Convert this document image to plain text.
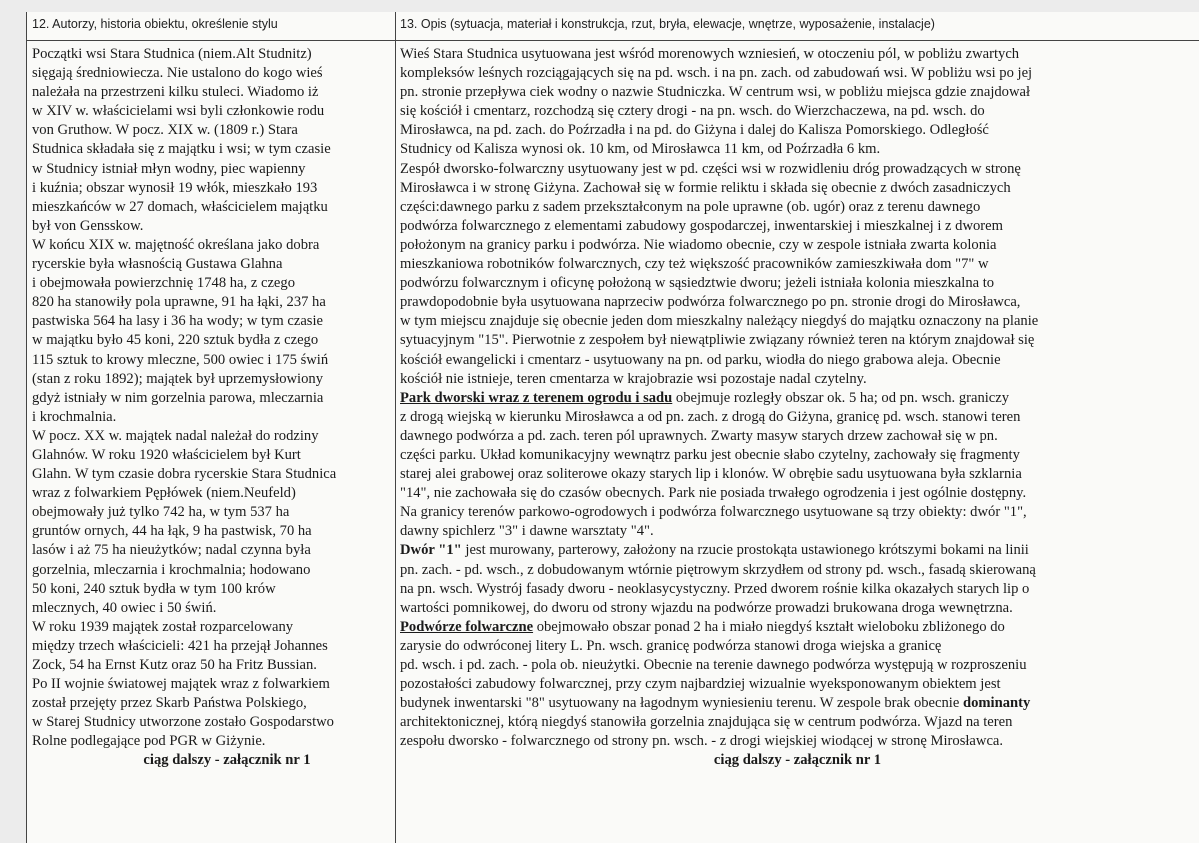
12. Autorzy, historia obiektu, określenie stylu	13. Opis (sytuacja, materiał i konstrukcja, rzut, bryła, elewacje, wnętrze, wyposażenie, instalacje)

Początki wsi Stara Studnica (niem.Alt Studnitz)

sięgają średniowiecza. Nie ustalono do kogo wieś

należała na przestrzeni kilku stuleci. Wiadomo iż

w XIV w. właścicielami wsi byli członkowie rodu

von Gruthow. W pocz. XIX w. (1809 r.) Stara

Studnica składała się z majątku i wsi; w tym czasie

w Studnicy istniał młyn wodny, piec wapienny

i kuźnia; obszar wynosił 19 włók, mieszkało 193

mieszkańców w 27 domach, właścicielem majątku

był von Gensskow.

W końcu XIX w. majętność określana jako dobra

rycerskie była własnością Gustawa Glahna

i obejmowała powierzchnię 1748 ha, z czego

820 ha stanowiły pola uprawne, 91 ha łąki, 237 ha

pastwiska 564 ha lasy i 36 ha wody; w tym czasie

w majątku było 45 koni, 220 sztuk bydła z czego

115 sztuk to krowy mleczne, 500 owiec i 175 świń

(stan z roku 1892); majątek był uprzemysłowiony

gdyż istniały w nim gorzelnia parowa, mleczarnia

i krochmalnia.

W pocz. XX w. majątek nadal należał do rodziny

Glahnów. W roku 1920 właścicielem był Kurt

Glahn. W tym czasie dobra rycerskie Stara Studnica

wraz z folwarkiem Pępłówek (niem.Neufeld)

obejmowały już tylko 742 ha, w tym 537 ha

gruntów ornych, 44 ha łąk, 9 ha pastwisk, 70 ha

lasów i aż 75 ha nieużytków; nadal czynna była

gorzelnia, mleczarnia i krochmalnia; hodowano

50 koni, 240 sztuk bydła w tym 100 krów

mlecznych, 40 owiec i 50 świń.

W roku 1939 majątek został rozparcelowany

między trzech właścicieli: 421 ha przejął Johannes

Zock, 54 ha Ernst Kutz oraz 50 ha Fritz Bussian.

Po II wojnie światowej majątek wraz z folwarkiem

został przejęty przez Skarb Państwa Polskiego,

w Starej Studnicy utworzone zostało Gospodarstwo

Rolne podlegające pod PGR w Giżynie.

ciąg dalszy - załącznik nr 1

Wieś Stara Studnica usytuowana jest wśród morenowych wzniesień, w otoczeniu pól, w pobliżu zwartych

kompleksów leśnych rozciągających się na pd. wsch. i na pn. zach. od zabudowań wsi. W pobliżu wsi po jej

pn. stronie przepływa ciek wodny o nazwie Studniczka. W centrum wsi, w pobliżu miejsca gdzie znajdował

się kościół i cmentarz, rozchodzą się cztery drogi - na pn. wsch. do Wierzchaczewa, na pd. wsch. do

Mirosławca, na pd. zach. do Poźrzadła i na pd. do Giżyna i dalej do Kalisza Pomorskiego. Odległość

Studnicy od Kalisza wynosi ok. 10 km, od Mirosławca 11 km, od Poźrzadła 6 km.

Zespół dworsko-folwarczny usytuowany jest w pd. części wsi w rozwidleniu dróg prowadzących w stronę

Mirosławca i w stronę Giżyna. Zachował się w formie reliktu i składa się obecnie z dwóch zasadniczych

części:dawnego parku z sadem przekształconym na pole uprawne (ob. ugór) oraz z terenu dawnego

podwórza folwarcznego z elementami zabudowy gospodarczej, inwentarskiej i mieszkalnej i z dworem

położonym na granicy parku i podwórza. Nie wiadomo obecnie, czy w zespole istniała zwarta kolonia

mieszkaniowa robotników folwarcznych, czy też większość pracowników zamieszkiwała dom "7" w

podwórzu folwarcznym i oficynę położoną w sąsiedztwie dworu; jeżeli istniała kolonia mieszkalna to

prawdopodobnie była usytuowana naprzeciw podwórza folwarcznego po pn. stronie drogi do Mirosławca,

w tym miejscu znajduje się obecnie jeden dom mieszkalny należący niegdyś do majątku oznaczony na planie

sytuacyjnym "15". Pierwotnie z zespołem był niewątpliwie związany również teren na którym znajdował się

kościół ewangelicki i cmentarz - usytuowany na pn. od parku, wiodła do niego grabowa aleja. Obecnie

kościół nie istnieje, teren cmentarza w krajobrazie wsi pozostaje nadal czytelny.

Park dworski wraz z terenem ogrodu i sadu obejmuje rozległy obszar ok. 5 ha; od pn. wsch. graniczy

z drogą wiejską w kierunku Mirosławca a od pn. zach. z drogą do Giżyna, granicę pd. wsch. stanowi teren

dawnego podwórza a pd. zach. teren pól uprawnych. Zwarty masyw starych drzew zachował się w pn.

części parku. Układ komunikacyjny wewnątrz parku jest obecnie słabo czytelny, zachowały się fragmenty

starej alei grabowej oraz soliterowe okazy starych lip i klonów. W obrębie sadu usytuowana była szklarnia

"14", nie zachowała się do czasów obecnych. Park nie posiada trwałego ogrodzenia i jest ogólnie dostępny.

Na granicy terenów parkowo-ogrodowych i podwórza folwarcznego usytuowane są trzy obiekty: dwór "1",

dawny spichlerz "3" i dawne warsztaty "4".

Dwór "1" jest murowany, parterowy, założony na rzucie prostokąta ustawionego krótszymi bokami na linii

pn. zach. - pd. wsch., z dobudowanym wtórnie piętrowym skrzydłem od strony pd. wsch., fasadą skierowaną

na pn. wsch. Wystrój fasady dworu - neoklasycystyczny. Przed dworem rośnie kilka okazałych starych lip o

wartości pomnikowej, do dworu od strony wjazdu na podwórze prowadzi brukowana droga wewnętrzna.

Podwórze folwarczne obejmowało obszar ponad 2 ha i miało niegdyś kształt wieloboku zbliżonego do

zarysie do odwróconej litery L. Pn. wsch. granicę podwórza stanowi droga wiejska a granicę

pd. wsch. i pd. zach. - pola ob. nieużytki. Obecnie na terenie dawnego podwórza występują w rozproszeniu

pozostałości zabudowy folwarcznej, przy czym najbardziej wizualnie wyeksponowanym obiektem jest

budynek inwentarski "8" usytuowany na łagodnym wyniesieniu terenu. W zespole brak obecnie dominanty

architektonicznej, którą niegdyś stanowiła gorzelnia znajdująca się w centrum podwórza. Wjazd na teren

zespołu dworsko - folwarcznego od strony pn. wsch. - z drogi wiejskiej wiodącej w stronę Mirosławca.

ciąg dalszy - załącznik nr 1
